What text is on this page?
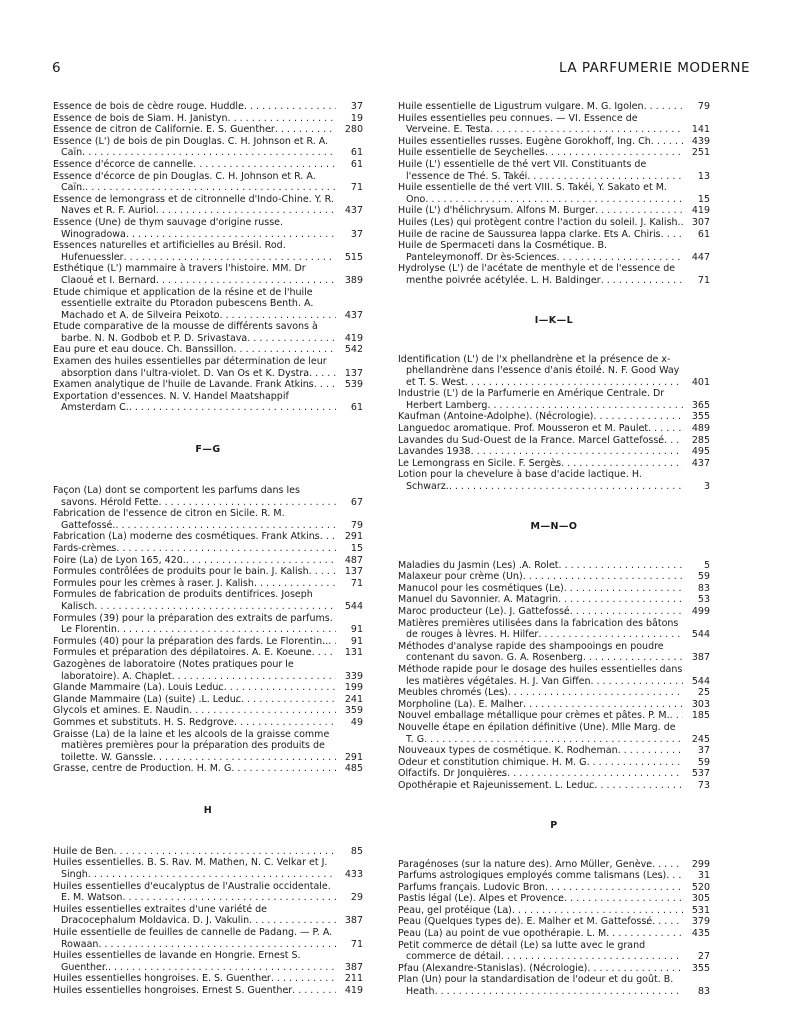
6	LA PARFUMERIE MODERNE
Essence de bois de cèdre rouge. Huddle . . .	37
Essence de bois de Siam. H. Janistyn . . .	19
Essence de citron de Californie. E. S. Guenther . . .	280
Essence (L') de bois de pin Douglas. C. H. Johnson et R. A. Caïn . . .	61
Essence d'écorce de cannelle . . .	61
Essence d'écorce de pin Douglas. C. H. Johnson et R. A. Caïn. . . .	71
Essence de lemongrass et de citronnelle d'Indo-Chine. Y. R. Naves et R. F. Auriol . . .	437
Essence (Une) de thym sauvage d'origine russe. Winogradowa . . .	37
Essences naturelles et artificielles au Brésil. Rod. Hufenuessler . . .	515
Esthétique (L') mammaire à travers l'histoire. MM. Dr Claoué et I. Bernard . . .	389
Etude chimique et application de la résine et de l'huile essentielle extraite du Ptoradon pubescens Benth. A. Machado et A. de Silveira Peixoto . . .	437
Etude comparative de la mousse de différents savons à barbe. N. N. Godbob et P. D. Srivastava . . .	419
Eau pure et eau douce. Ch. Banssillon . . .	542
Examen des huiles essentielles par détermination de leur absorption dans l'ultra-violet. D. Van Os et K. Dystra . . .	137
Examen analytique de l'huile de Lavande. Frank Atkins . . .	539
Exportation d'essences. N. V. Handel Maatshappif Amsterdam C. . . .	61
F—G
Façon (La) dont se comportent les parfums dans les savons. Hérold Fette . . .	67
Fabrication de l'essence de citron en Sicile. R. M. Gattefossé. . . .	79
Fabrication (La) moderne des cosmétiques. Frank Atkins . . .	291
Fards-crèmes . . .	15
Foire (La) de Lyon 165, 420. . . .	487
Formules contrôlées de produits pour le bain. J. Kalish . . .	137
Formules pour les crèmes à raser. J. Kalish . . .	71
Formules de fabrication de produits dentifrices. Joseph Kalisch . . .	544
Formules (39) pour la préparation des extraits de parfums. Le Florentin . . .	91
Formules (40) pour la préparation des fards. Le Florentin.. . . .	91
Formules et préparation des dépilatoires. A. E. Koeune . . .	131
Gazogènes de laboratoire (Notes pratiques pour le laboratoire). A. Chaplet . . .	339
Glande Mammaire (La). Louis Leduc . . .	199
Glande Mammaire (La) (suite) .L. Leduc . . .	241
Glycols et amines. E. Naudin . . .	359
Gommes et substituts. H. S. Redgrove . . .	49
Graisse (La) de la laine et les alcools de la graisse comme matières premières pour la préparation des produits de toilette. W. Ganssle . . .	291
Grasse, centre de Production. H. M. G . . .	485
H
Huile de Ben . . .	85
Huiles essentielles. B. S. Rav. M. Mathen, N. C. Velkar et J. Singh . . .	433
Huiles essentielles d'eucalyptus de l'Australie occidentale. E. M. Watson . . .	29
Huiles essentielles extraites d'une variété de Dracocephalum Moldavica. D. J. Vakulin . . .	387
Huile essentielle de feuilles de cannelle de Padang. — P. A. Rowaan . . .	71
Huiles essentielles de lavande en Hongrie. Ernest S. Guenther. . . .	387
Huiles essentielles hongroises. E. S. Guenther . . .	211
Huiles essentielles hongroises. Ernest S. Guenther . . .	419
Huile essentielle de Ligustrum vulgare. M. G. Igolen . . .	79
Huiles essentielles peu connues. — VI. Essence de Verveine. E. Testa . . .	141
Huiles essentielles russes. Eugène Gorokhoff, Ing. Ch . . .	439
Huile essentielle de Seychelles . . .	251
Huile (L') essentielle de thé vert VII. Constituants de l'essence de Thé. S. Takéi . . .	13
Huile essentielle de thé vert VIII. S. Takéi, Y. Sakato et M. Ono . . .	15
Huile (L') d'hélichrysum. Alfons M. Burger . . .	419
Huiles (Les) qui protègent contre l'action du soleil. J. Kalish. . . .	307
Huile de racine de Saussurea lappa clarke. Ets A. Chiris . . .	61
Huile de Spermaceti dans la Cosmétique. B. Panteleymonoff. Dr ès-Sciences . . .	447
Hydrolyse (L') de l'acétate de menthyle et de l'essence de menthe poivrée acétylée. L. H. Baldinger . . .	71
I—K—L
Identification (L') de l'x phellandrène et la présence de x-phellandrène dans l'essence d'anis étoilé. N. F. Good Way et T. S. West . . .	401
Industrie (L') de la Parfumerie en Amérique Centrale. Dr Herbert Lamberg . . .	365
Kaufman (Antoine-Adolphe). (Nécrologie) . . .	355
Languedoc aromatique. Prof. Mousseron et M. Paulet . . .	489
Lavandes du Sud-Ouest de la France. Marcel Gattefossé . . .	285
Lavandes 1938 . . .	495
Le Lemongrass en Sicile. F. Sergès . . .	437
Lotion pour la chevelure à base d'acide lactique. H. Schwarz. . . .	3
M—N—O
Maladies du Jasmin (Les) .A. Rolet . . .	5
Malaxeur pour crème (Un) . . .	59
Manucol pour les cosmétiques (Le) . . .	83
Manuel du Savonnier. A. Matagrin . . .	53
Maroc producteur (Le). J. Gattefossé . . .	499
Matières premières utilisées dans la fabrication des bâtons de rouges à lèvres. H. Hilfer . . .	544
Méthodes d'analyse rapide des shampooings en poudre contenant du savon. G. A. Rosenberg . . .	387
Méthode rapide pour le dosage des huiles essentielles dans les matières végétales. H. J. Van Giffen . . .	544
Meubles chromés (Les) . . .	25
Morpholine (La). E. Malher . . .	303
Nouvel emballage métallique pour crèmes et pâtes. P. M. . . .	185
Nouvelle étape en épilation définitive (Une). Mlle Marg. de T. G . . .	245
Nouveaux types de cosmétique. K. Rodheman . . .	37
Odeur et constitution chimique. H. M. G . . .	59
Olfactifs. Dr Jonquières . . .	537
Opothérapie et Rajeunissement. L. Leduc . . .	73
P
Paragénoses (sur la nature des). Arno Müller, Genève . . .	299
Parfums astrologiques employés comme talismans (Les) . . .	31
Parfums français. Ludovic Bron . . .	520
Pastis légal (Le). Alpes et Provence . . .	305
Peau, gel protéique (La) . . .	531
Peau (Quelques types de). E. Malher et M. Gattefossé . . .	379
Peau (La) au point de vue opothérapie. L. M . . .	435
Petit commerce de détail (Le) sa lutte avec le grand commerce de détail . . .	27
Pfau (Alexandre-Stanislas). (Nécrologie) . . .	355
Plan (Un) pour la standardisation de l'odeur et du goût. B. Heath . . .	83
